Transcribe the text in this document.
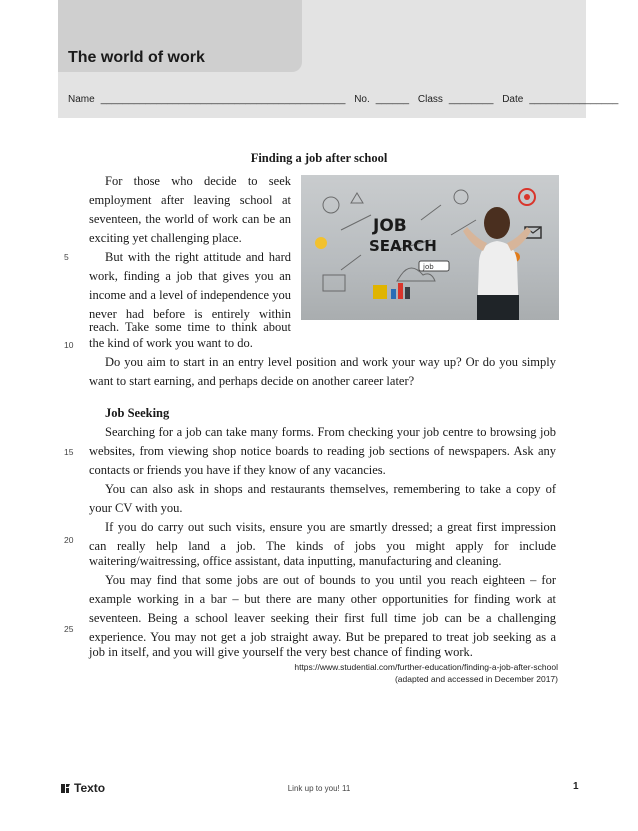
The world of work
Name ____________________________________________ No. ______ Class ________ Date ________________
Finding a job after school
For those who decide to seek
employment after leaving school at
seventeen, the world of work can be an
exciting yet challenging place.
But with the right attitude and hard
work, finding a job that gives you an
income and a level of independence you
never had before is entirely within
reach. Take some time to think about
the kind of work you want to do.
Do you aim to start in an entry level position and work your way up? Or do you simply
want to start earning, and perhaps decide on another career later?
Job Seeking
Searching for a job can take many forms. From checking your job centre to browsing job
websites, from viewing shop notice boards to reading job sections of newspapers. Ask any
contacts or friends you have if they know of any vacancies.
You can also ask in shops and restaurants themselves, remembering to take a copy of
your CV with you.
If you do carry out such visits, ensure you are smartly dressed; a great first impression
can really help land a job. The kinds of jobs you might apply for include
waitering/waitressing, office assistant, data inputting, manufacturing and cleaning.
You may find that some jobs are out of bounds to you until you reach eighteen – for
example working in a bar – but there are many other opportunities for finding work at
seventeen. Being a school leaver seeking their first full time job can be a challenging
experience. You may not get a job straight away. But be prepared to treat job seeking as a
job in itself, and you will give yourself the very best chance of finding work.
5
10
15
20
25
JOB
SEARCH
job
https://www.studential.com/further-education/finding-a-job-after-school
(adapted and accessed in December 2017)
Texto	Link up to you! 11	1
